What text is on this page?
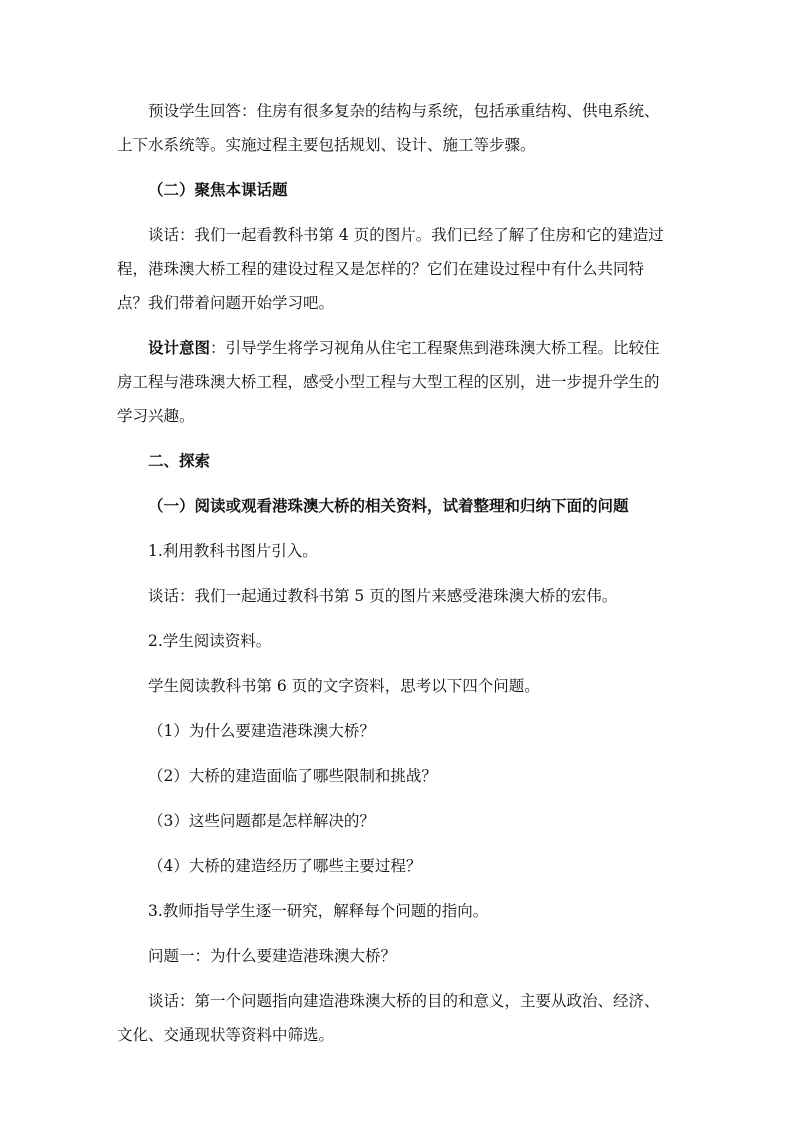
预设学生回答：住房有很多复杂的结构与系统，包括承重结构、供电系统、
上下水系统等。实施过程主要包括规划、设计、施工等步骤。
（二）聚焦本课话题
谈话：我们一起看教科书第 4 页的图片。我们已经了解了住房和它的建造过
程，港珠澳大桥工程的建设过程又是怎样的？它们在建设过程中有什么共同特
点？我们带着问题开始学习吧。
设计意图：引导学生将学习视角从住宅工程聚焦到港珠澳大桥工程。比较住
房工程与港珠澳大桥工程，感受小型工程与大型工程的区别，进一步提升学生的
学习兴趣。
二、探索
（一）阅读或观看港珠澳大桥的相关资料，试着整理和归纳下面的问题
1.利用教科书图片引入。
谈话：我们一起通过教科书第 5 页的图片来感受港珠澳大桥的宏伟。
2.学生阅读资料。
学生阅读教科书第 6 页的文字资料，思考以下四个问题。
（1）为什么要建造港珠澳大桥？
（2）大桥的建造面临了哪些限制和挑战？
（3）这些问题都是怎样解决的？
（4）大桥的建造经历了哪些主要过程？
3.教师指导学生逐一研究，解释每个问题的指向。
问题一：为什么要建造港珠澳大桥？
谈话：第一个问题指向建造港珠澳大桥的目的和意义，主要从政治、经济、
文化、交通现状等资料中筛选。
